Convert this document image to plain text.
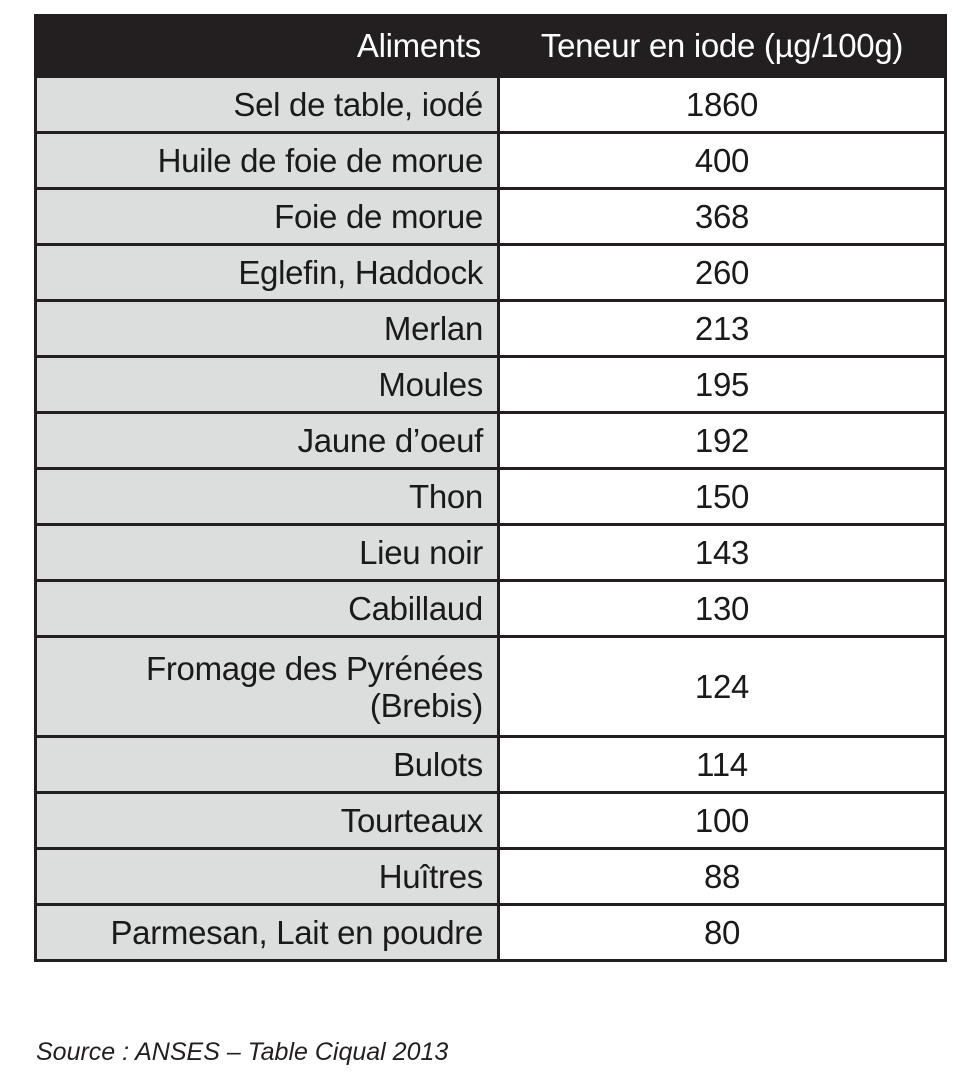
Aliments	Teneur en iode (µg/100g)
Sel de table, iodé	1860
Huile de foie de morue	400
Foie de morue	368
Eglefin, Haddock	260
Merlan	213
Moules	195
Jaune d’oeuf	192
Thon	150
Lieu noir	143
Cabillaud	130
Fromage des Pyrénées (Brebis)	124
Bulots	114
Tourteaux	100
Huîtres	88
Parmesan, Lait en poudre	80
Source : ANSES – Table Ciqual 2013
